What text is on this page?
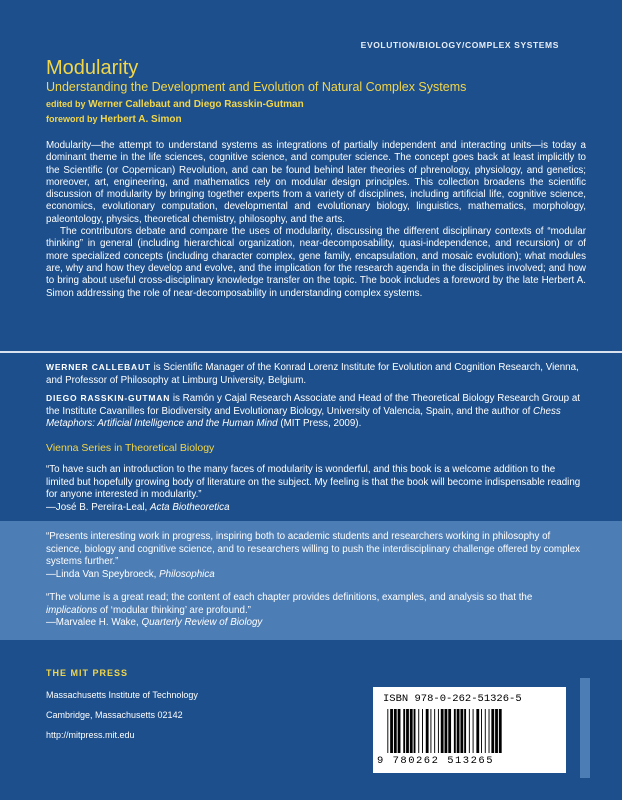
EVOLUTION/BIOLOGY/COMPLEX SYSTEMS
Modularity
Understanding the Development and Evolution of Natural Complex Systems
edited by Werner Callebaut and Diego Rasskin-Gutman
foreword by Herbert A. Simon

Modularity—the attempt to understand systems as integrations of partially independent and interacting units—is today a dominant theme in the life sciences, cognitive science, and computer science. The concept goes back at least implicitly to the Scientific (or Copernican) Revolution, and can be found behind later theories of phrenology, physiology, and genetics; moreover, art, engineering, and mathematics rely on modular design principles. This collection broadens the scientific discussion of modularity by bringing together experts from a variety of disciplines, including artificial life, cognitive science, economics, evolutionary computation, developmental and evolutionary biology, linguistics, mathematics, morphology, paleontology, physics, theoretical chemistry, philosophy, and the arts.

The contributors debate and compare the uses of modularity, discussing the different disciplinary contexts of “modular thinking” in general (including hierarchical organization, near-decomposability, quasi-independence, and recursion) or of more specialized concepts (including character complex, gene family, encapsulation, and mosaic evolution); what modules are, why and how they develop and evolve, and the implication for the research agenda in the disciplines involved; and how to bring about useful cross-disciplinary knowledge transfer on the topic. The book includes a foreword by the late Herbert A. Simon addressing the role of near-decomposability in understanding complex systems.

WERNER CALLEBAUT is Scientific Manager of the Konrad Lorenz Institute for Evolution and Cognition Research, Vienna, and Professor of Philosophy at Limburg University, Belgium.
DIEGO RASSKIN-GUTMAN is Ramón y Cajal Research Associate and Head of the Theoretical Biology Research Group at the Institute Cavanilles for Biodiversity and Evolutionary Biology, University of Valencia, Spain, and the author of Chess Metaphors: Artificial Intelligence and the Human Mind (MIT Press, 2009).
Vienna Series in Theoretical Biology
“To have such an introduction to the many faces of modularity is wonderful, and this book is a welcome addition to the limited but hopefully growing body of literature on the subject. My feeling is that the book will become indispensable reading for anyone interested in modularity.”
—José B. Pereira-Leal, Acta Biotheoretica
“Presents interesting work in progress, inspiring both to academic students and researchers working in philosophy of science, biology and cognitive science, and to researchers willing to push the interdisciplinary challenge offered by complex systems further.”
—Linda Van Speybroeck, Philosophica
“The volume is a great read; the content of each chapter provides definitions, examples, and analysis so that the implications of ‘modular thinking’ are profound.”
—Marvalee H. Wake, Quarterly Review of Biology
THE MIT PRESS
Massachusetts Institute of Technology
Cambridge, Massachusetts 02142
http://mitpress.mit.edu
ISBN 978-0-262-51326-5
9 780262 513265
